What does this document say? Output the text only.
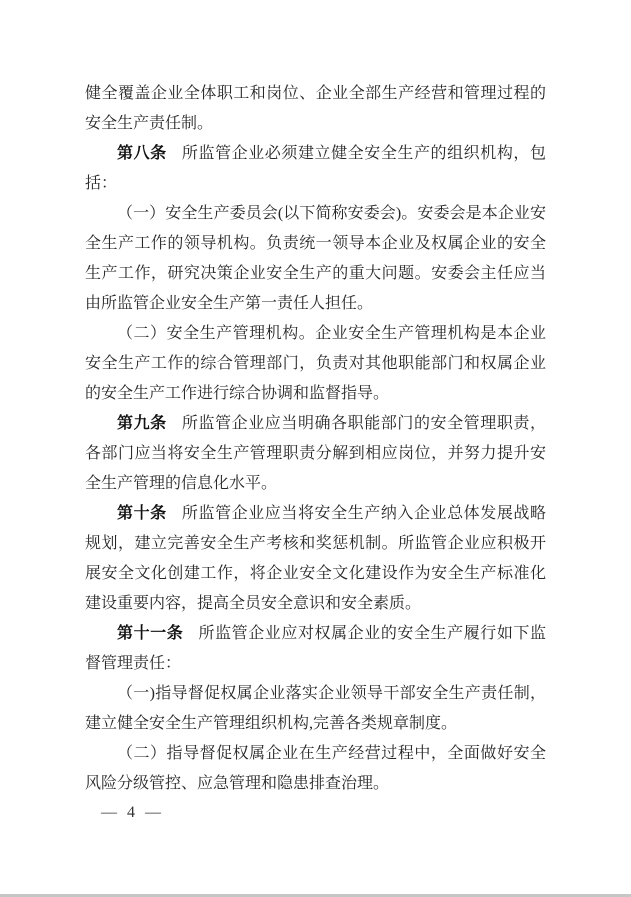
健全覆盖企业全体职工和岗位、企业全部生产经营和管理过程的安全生产责任制。

第八条 所监管企业必须建立健全安全生产的组织机构，包括：

（一）安全生产委员会(以下简称安委会)。安委会是本企业安全生产工作的领导机构。负责统一领导本企业及权属企业的安全生产工作，研究决策企业安全生产的重大问题。安委会主任应当由所监管企业安全生产第一责任人担任。

（二）安全生产管理机构。企业安全生产管理机构是本企业安全生产工作的综合管理部门，负责对其他职能部门和权属企业的安全生产工作进行综合协调和监督指导。

第九条 所监管企业应当明确各职能部门的安全管理职责，各部门应当将安全生产管理职责分解到相应岗位，并努力提升安全生产管理的信息化水平。

第十条 所监管企业应当将安全生产纳入企业总体发展战略规划，建立完善安全生产考核和奖惩机制。所监管企业应积极开展安全文化创建工作，将企业安全文化建设作为安全生产标准化建设重要内容，提高全员安全意识和安全素质。

第十一条 所监管企业应对权属企业的安全生产履行如下监督管理责任：

（一)指导督促权属企业落实企业领导干部安全生产责任制，建立健全安全生产管理组织机构,完善各类规章制度。

（二）指导督促权属企业在生产经营过程中，全面做好安全风险分级管控、应急管理和隐患排查治理。

— 4 —
